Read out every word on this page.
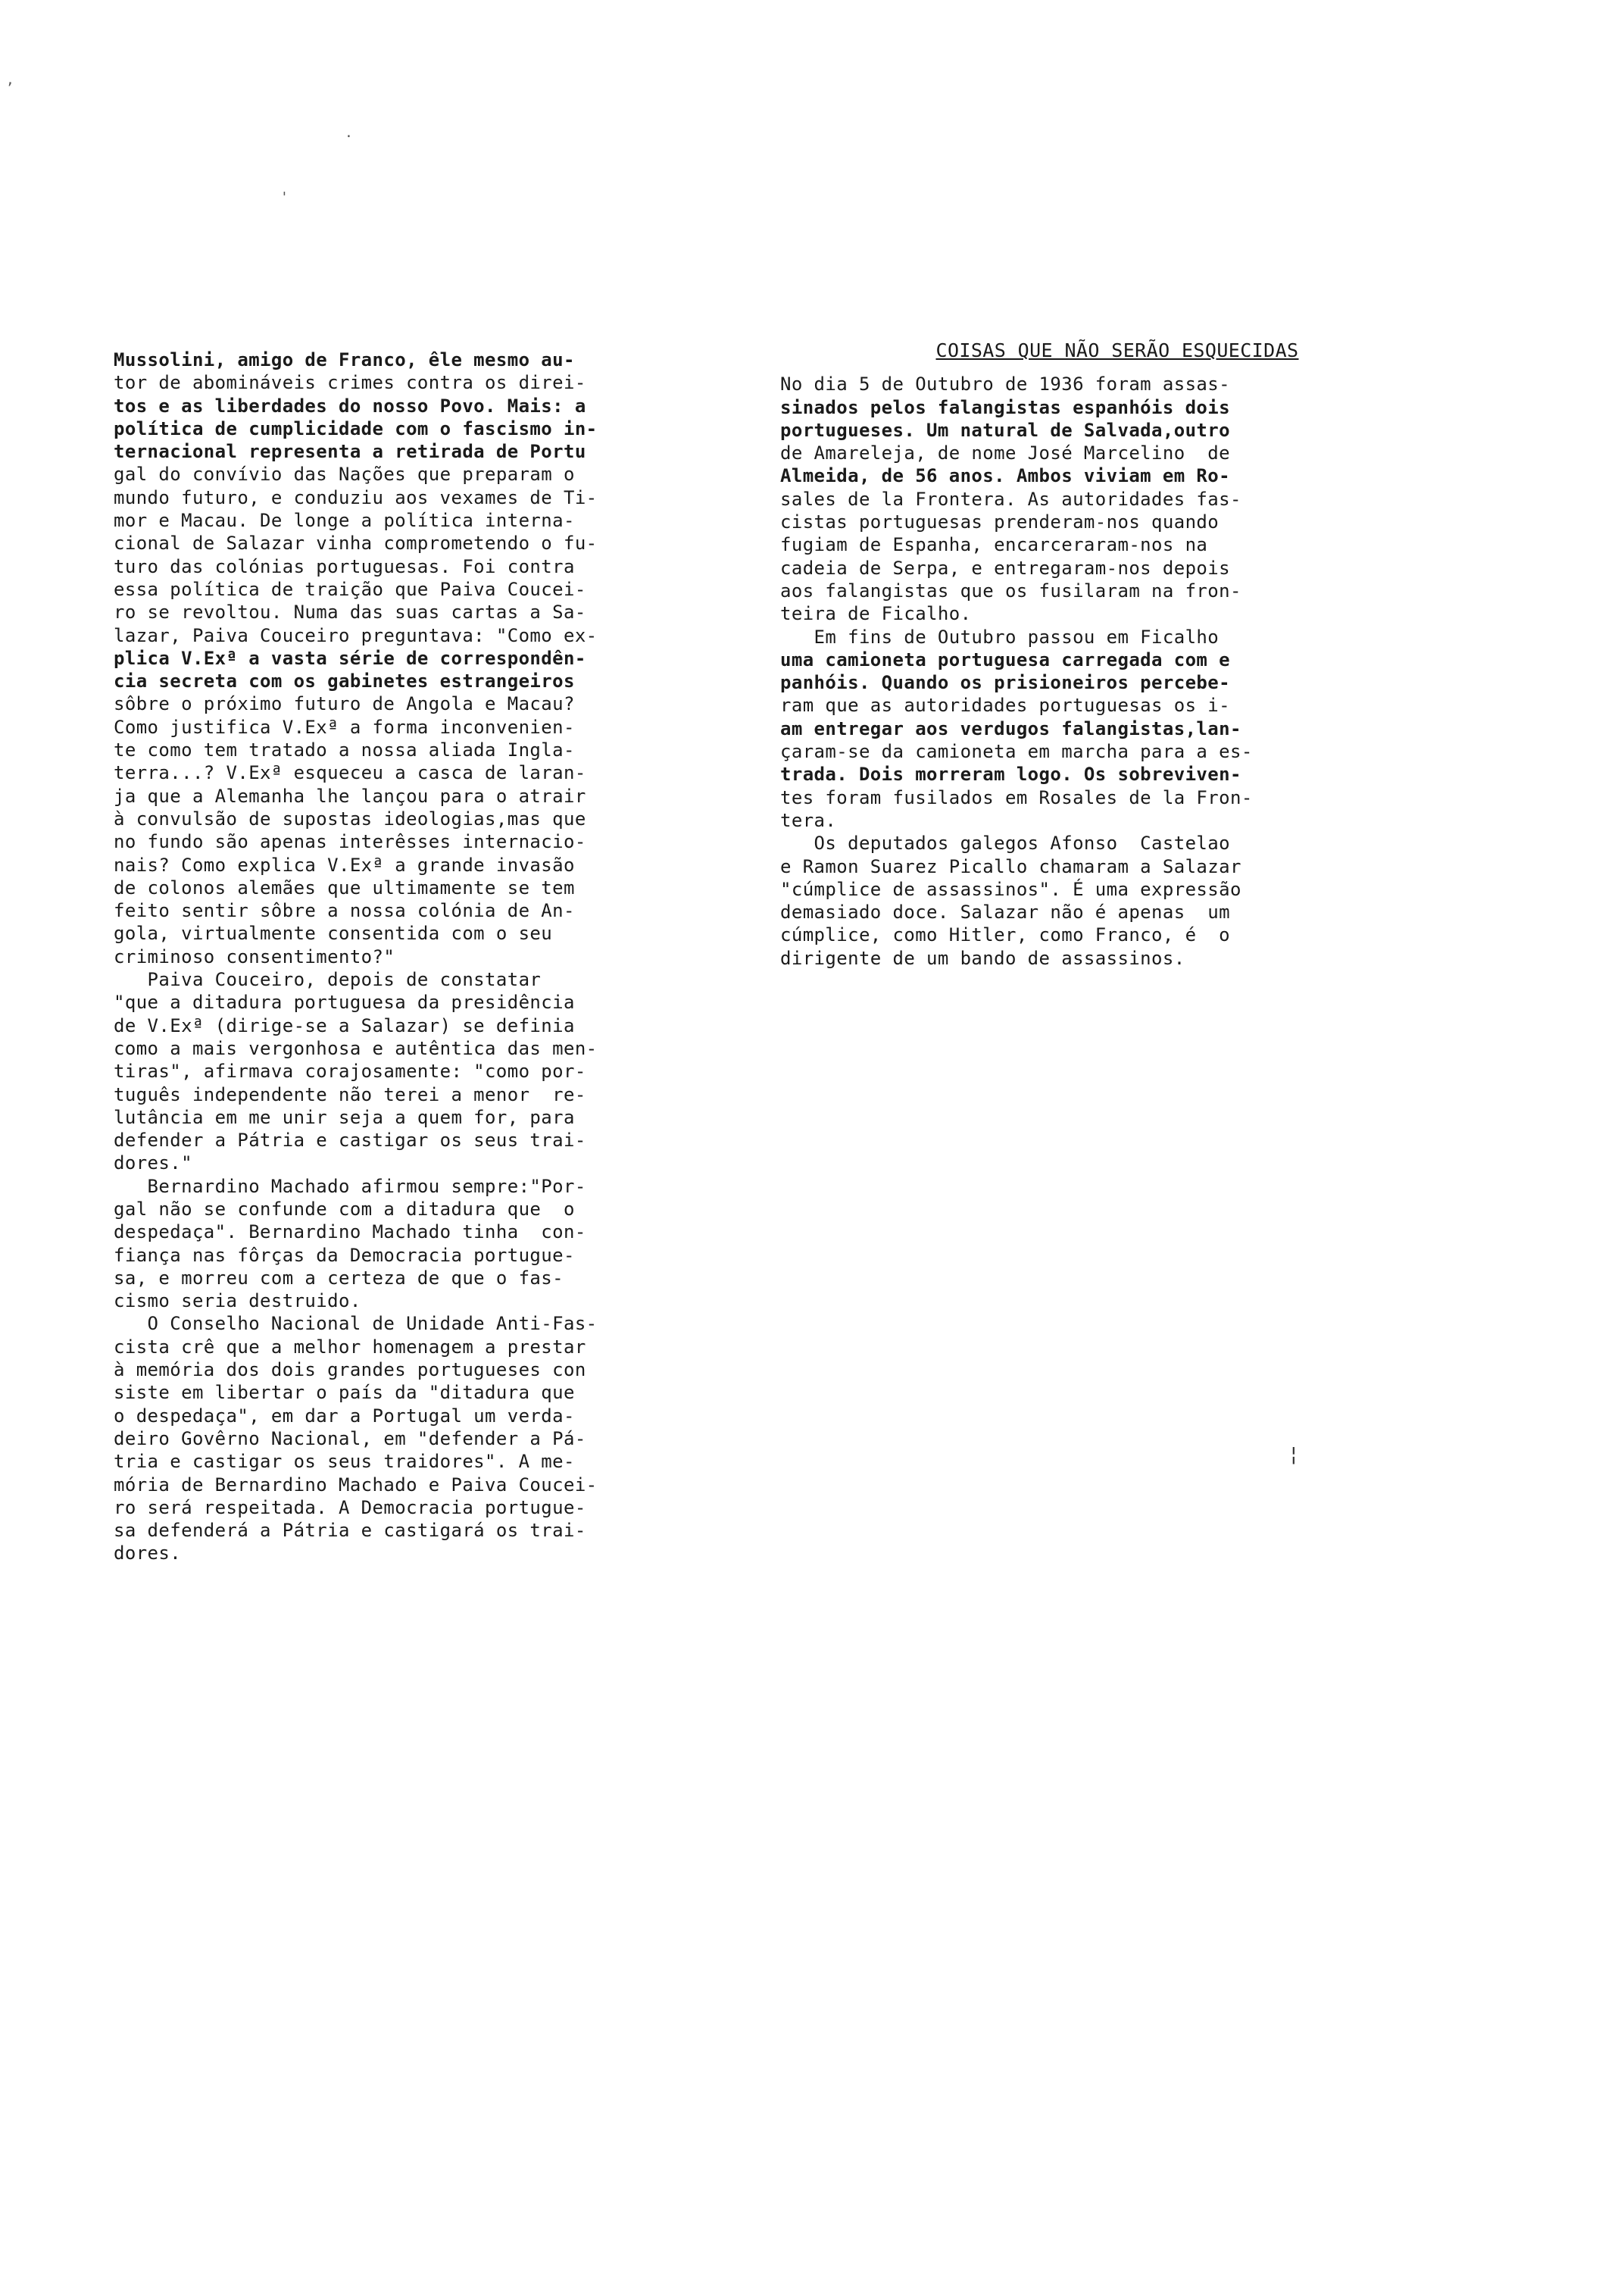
,
.
'
¦
Mussolini, amigo de Franco, êle mesmo au-
tor de abomináveis crimes contra os direi-
tos e as liberdades do nosso Povo. Mais: a
política de cumplicidade com o fascismo in-
ternacional representa a retirada de Portu
gal do convívio das Nações que preparam o
mundo futuro, e conduziu aos vexames de Ti-
mor e Macau. De longe a política interna-
cional de Salazar vinha comprometendo o fu-
turo das colónias portuguesas. Foi contra
essa política de traição que Paiva Coucei-
ro se revoltou. Numa das suas cartas a Sa-
lazar, Paiva Couceiro preguntava: "Como ex-
plica V.Exª a vasta série de correspondên-
cia secreta com os gabinetes estrangeiros
sôbre o próximo futuro de Angola e Macau?
Como justifica V.Exª a forma inconvenien-
te como tem tratado a nossa aliada Ingla-
terra...? V.Exª esqueceu a casca de laran-
ja que a Alemanha lhe lançou para o atrair
à convulsão de supostas ideologias,mas que
no fundo são apenas interêsses internacio-
nais? Como explica V.Exª a grande invasão
de colonos alemães que ultimamente se tem
feito sentir sôbre a nossa colónia de An-
gola, virtualmente consentida com o seu
criminoso consentimento?"
Paiva Couceiro, depois de constatar
"que a ditadura portuguesa da presidência
de V.Exª (dirige-se a Salazar) se definia
como a mais vergonhosa e autêntica das men-
tiras", afirmava corajosamente: "como por-
tuguês independente não terei a menor  re-
lutância em me unir seja a quem for, para
defender a Pátria e castigar os seus trai-
dores."
Bernardino Machado afirmou sempre:"Por-
gal não se confunde com a ditadura que  o
despedaça". Bernardino Machado tinha  con-
fiança nas fôrças da Democracia portugue-
sa, e morreu com a certeza de que o fas-
cismo seria destruido.
O Conselho Nacional de Unidade Anti-Fas-
cista crê que a melhor homenagem a prestar
à memória dos dois grandes portugueses con
siste em libertar o país da "ditadura que
o despedaça", em dar a Portugal um verda-
deiro Govêrno Nacional, em "defender a Pá-
tria e castigar os seus traidores". A me-
mória de Bernardino Machado e Paiva Coucei-
ro será respeitada. A Democracia portugue-
sa defenderá a Pátria e castigará os trai-
dores.
COISAS QUE NÃO SERÃO ESQUECIDAS
No dia 5 de Outubro de 1936 foram assas-
sinados pelos falangistas espanhóis dois
portugueses. Um natural de Salvada,outro
de Amareleja, de nome José Marcelino  de
Almeida, de 56 anos. Ambos viviam em Ro-
sales de la Frontera. As autoridades fas-
cistas portuguesas prenderam-nos quando
fugiam de Espanha, encarceraram-nos na
cadeia de Serpa, e entregaram-nos depois
aos falangistas que os fusilaram na fron-
teira de Ficalho.
Em fins de Outubro passou em Ficalho
uma camioneta portuguesa carregada com e
panhóis. Quando os prisioneiros percebe-
ram que as autoridades portuguesas os i-
am entregar aos verdugos falangistas,lan-
çaram-se da camioneta em marcha para a es-
trada. Dois morreram logo. Os sobreviven-
tes foram fusilados em Rosales de la Fron-
tera.
Os deputados galegos Afonso  Castelao
e Ramon Suarez Picallo chamaram a Salazar
"cúmplice de assassinos". É uma expressão
demasiado doce. Salazar não é apenas  um
cúmplice, como Hitler, como Franco, é  o
dirigente de um bando de assassinos.
